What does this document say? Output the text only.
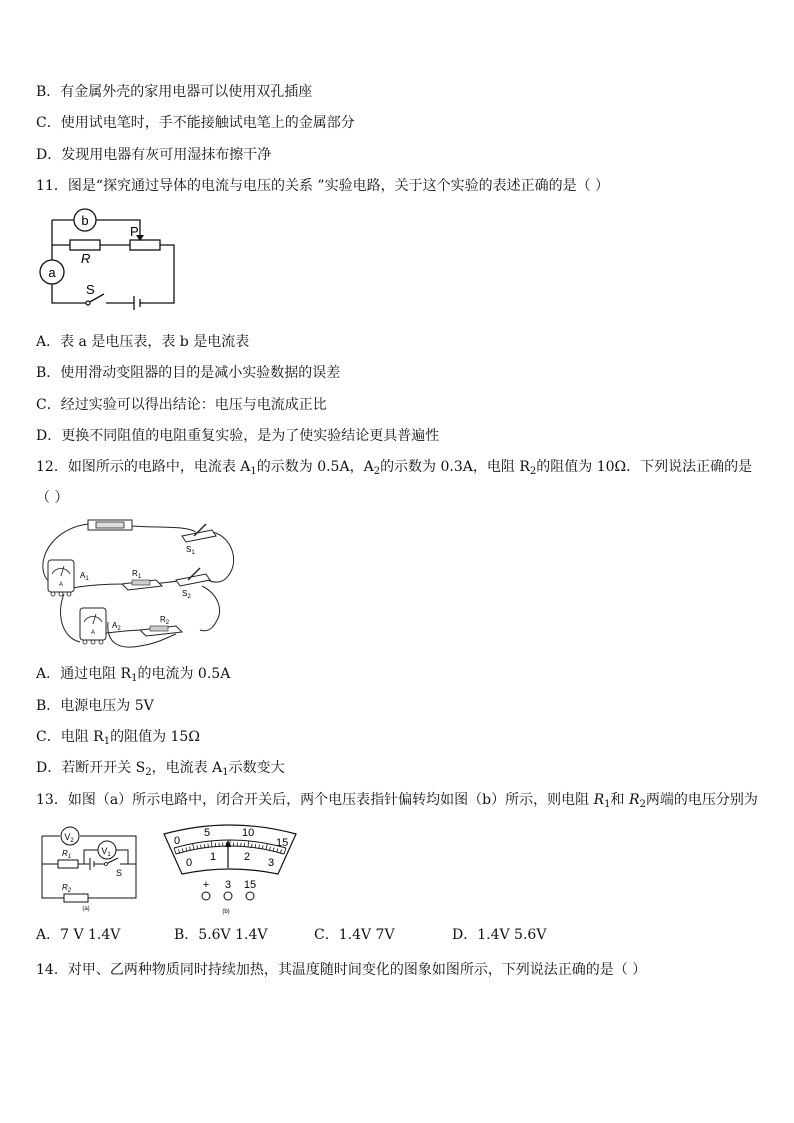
B．有金属外壳的家用电器可以使用双孔插座
C．使用试电笔时，手不能接触试电笔上的金属部分
D．发现用电器有灰可用湿抹布擦干净
11．图是“探究通过导体的电流与电压的关系 ”实验电路，关于这个实验的表述正确的是（ ）
b
a
R
P
S
A．表 a 是电压表，表 b 是电流表
B．使用滑动变阻器的目的是减小实验数据的误差
C．经过实验可以得出结论：电压与电流成正比
D．更换不同阻值的电阻重复实验，是为了使实验结论更具普遍性
12．如图所示的电路中，电流表 $A_1$的示数为 0.5A，$A_2$的示数为 0.3A，电阻 $R_2$的阻值为 10Ω．下列说法正确的是
（ ）
$S_1$
A
$A_1$
$R_1$
$S_2$
A
$A_2$
$R_2$
A．通过电阻 $R_1$的电流为 0.5A
B．电源电压为 5V
C．电阻 $R_1$的阻值为 15Ω
D．若断开开关 $S_2$，电流表 $A_1$示数变大
13．如图（a）所示电路中，闭合开关后，两个电压表指针偏转均如图（b）所示，则电阻 $R_1$和 $R_2$两端的电压分别为
$V_2$
$V_1$
$R_1$
S
$R_2$
(a)
0
5	10
15
0 1	2 3
+ 3 15
(b)
A．7 V 1.4V	B．5.6V 1.4V	C．1.4V 7V	D．1.4V 5.6V
14．对甲、乙两种物质同时持续加热，其温度随时间变化的图象如图所示，下列说法正确的是（ ）
